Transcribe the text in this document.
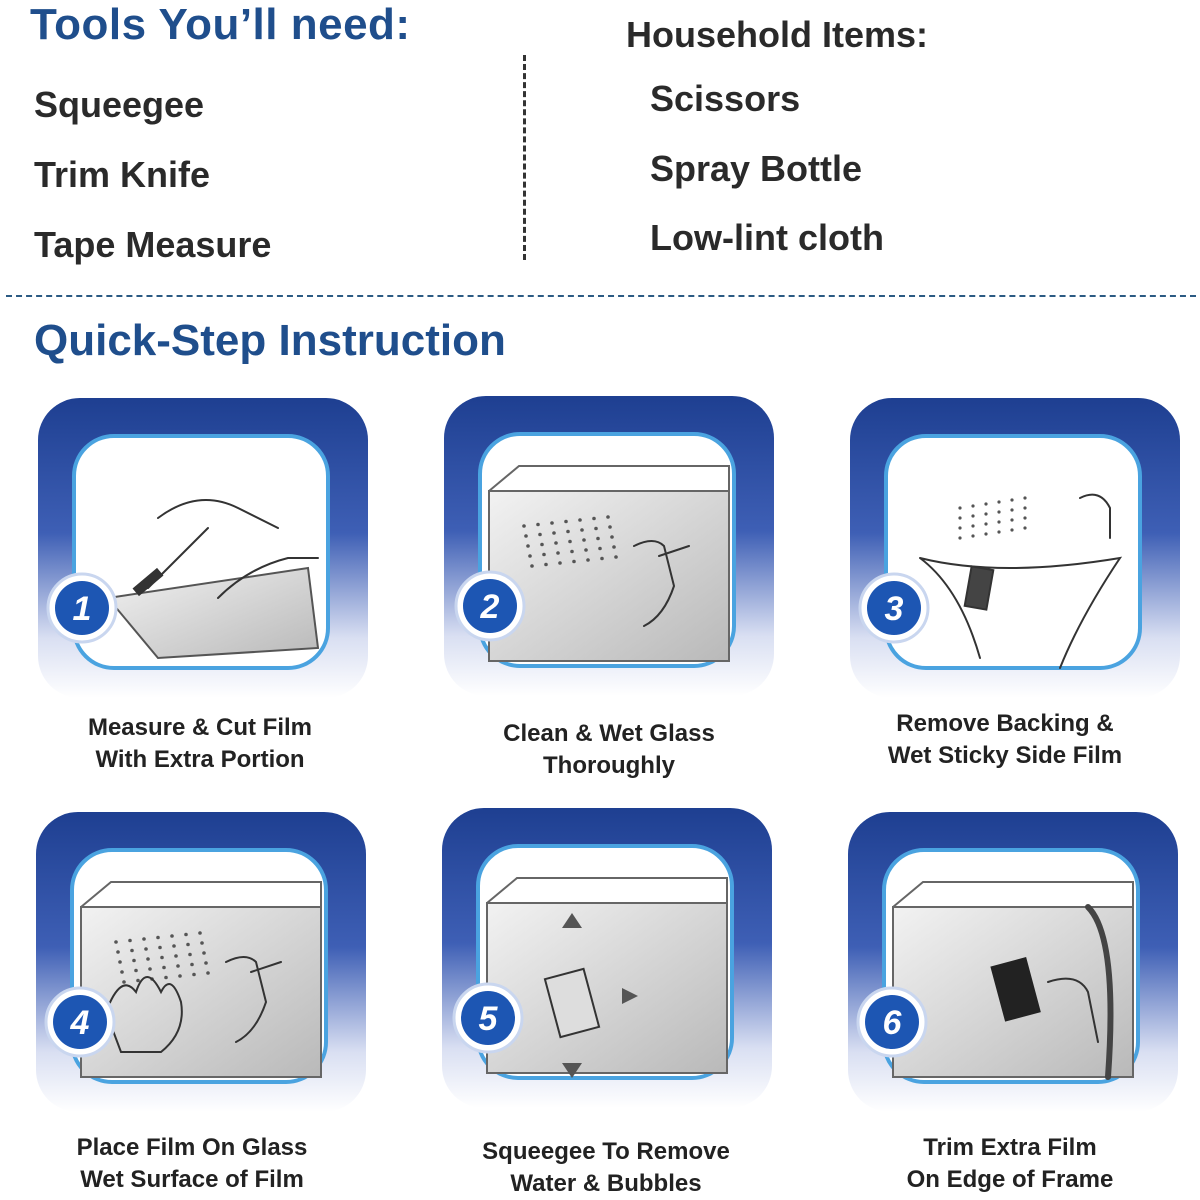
Tools You’ll need:
Squeegee
Trim Knife
Tape Measure
Household Items:
Scissors
Spray Bottle
Low-lint cloth
Quick-Step Instruction
1	2	3
4	5	6
Measure & Cut Film
With Extra Portion
Clean & Wet Glass
Thoroughly
Remove Backing &
Wet Sticky Side Film
Place Film On Glass
Wet Surface of Film
Squeegee To Remove
Water & Bubbles
Trim Extra Film
On Edge of Frame
